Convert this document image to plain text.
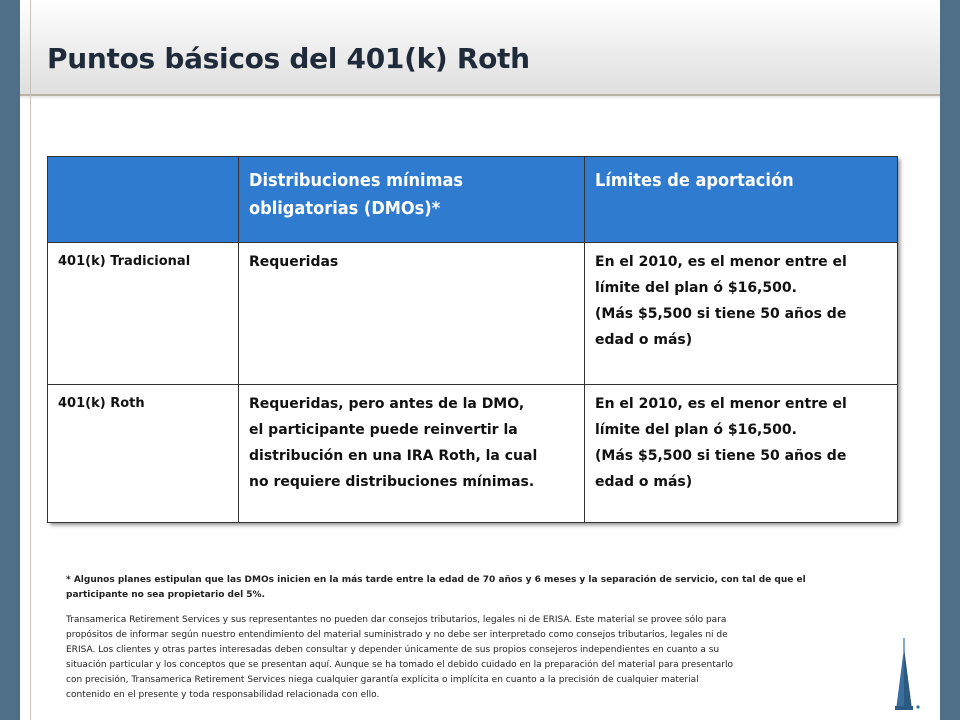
Puntos básicos del 401(k) Roth

	Distribuciones mínimas
obligatorias (DMOs)*	Límites de aportación

401(k) Tradicional	Requeridas	En el 2010, es el menor entre el
límite del plan ó $16,500.
(Más $5,500 si tiene 50 años de
edad o más)

401(k) Roth	Requeridas, pero antes de la DMO,
el participante puede reinvertir la
distribución en una IRA Roth, la cual
no requiere distribuciones mínimas.	En el 2010, es el menor entre el
límite del plan ó $16,500.
(Más $5,500 si tiene 50 años de
edad o más)

* Algunos planes estipulan que las DMOs inicien en la más tarde entre la edad de 70 años y 6 meses y la separación de servicio, con tal de que el
participante no sea propietario del 5%.

Transamerica Retirement Services y sus representantes no pueden dar consejos tributarios, legales ni de ERISA. Este material se provee sólo para
propósitos de informar según nuestro entendimiento del material suministrado y no debe ser interpretado como consejos tributarios, legales ni de
ERISA. Los clientes y otras partes interesadas deben consultar y depender únicamente de sus propios consejeros independientes en cuanto a su
situación particular y los conceptos que se presentan aquí. Aunque se ha tomado el debido cuidado en la preparación del material para presentarlo
con precisión, Transamerica Retirement Services niega cualquier garantía explícita o implícita en cuanto a la precisión de cualquier material
contenido en el presente y toda responsabilidad relacionada con ello.
